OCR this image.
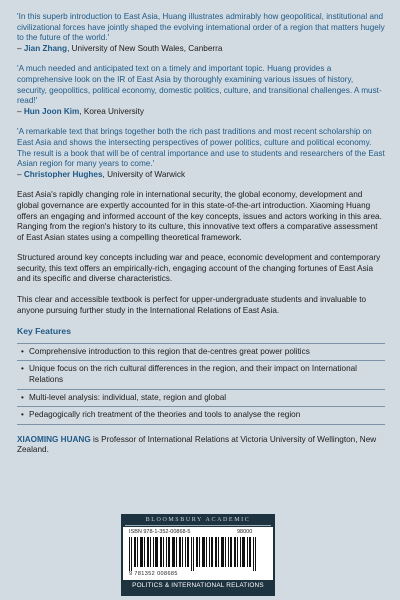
'In this superb introduction to East Asia, Huang illustrates admirably how geopolitical, institutional and civilizational forces have jointly shaped the evolving international order of a region that matters hugely to the future of the world.'
– Jian Zhang, University of New South Wales, Canberra
'A much needed and anticipated text on a timely and important topic. Huang provides a comprehensive look on the IR of East Asia by thoroughly examining various issues of history, security, geopolitics, political economy, domestic politics, culture, and transitional challenges. A must-read!'
– Hun Joon Kim, Korea University
'A remarkable text that brings together both the rich past traditions and most recent scholarship on East Asia and shows the intersecting perspectives of power politics, culture and political economy. The result is a book that will be of central importance and use to students and researchers of the East Asian region for many years to come.'
– Christopher Hughes, University of Warwick

East Asia's rapidly changing role in international security, the global economy, development and global governance are expertly accounted for in this state-of-the-art introduction. Xiaoming Huang offers an engaging and informed account of the key concepts, issues and actors working in this area. Ranging from the region's history to its culture, this innovative text offers a comparative assessment of East Asian states using a compelling theoretical framework.

Structured around key concepts including war and peace, economic development and contemporary security, this text offers an empirically-rich, engaging account of the changing fortunes of East Asia and its specific and diverse characteristics.

This clear and accessible textbook is perfect for upper-undergraduate students and invaluable to anyone pursuing further study in the International Relations of East Asia.

Key Features
• Comprehensive introduction to this region that de-centres great power politics
• Unique focus on the rich cultural differences in the region, and their impact on International Relations
• Multi-level analysis: individual, state, region and global
• Pedagogically rich treatment of the theories and tools to analyse the region
XIAOMING HUANG is Professor of International Relations at Victoria University of Wellington, New Zealand.
BLOOMSBURY ACADEMIC
ISBN 978-1-352-00868-5	98000
9 781352 008685
POLITICS & INTERNATIONAL RELATIONS
